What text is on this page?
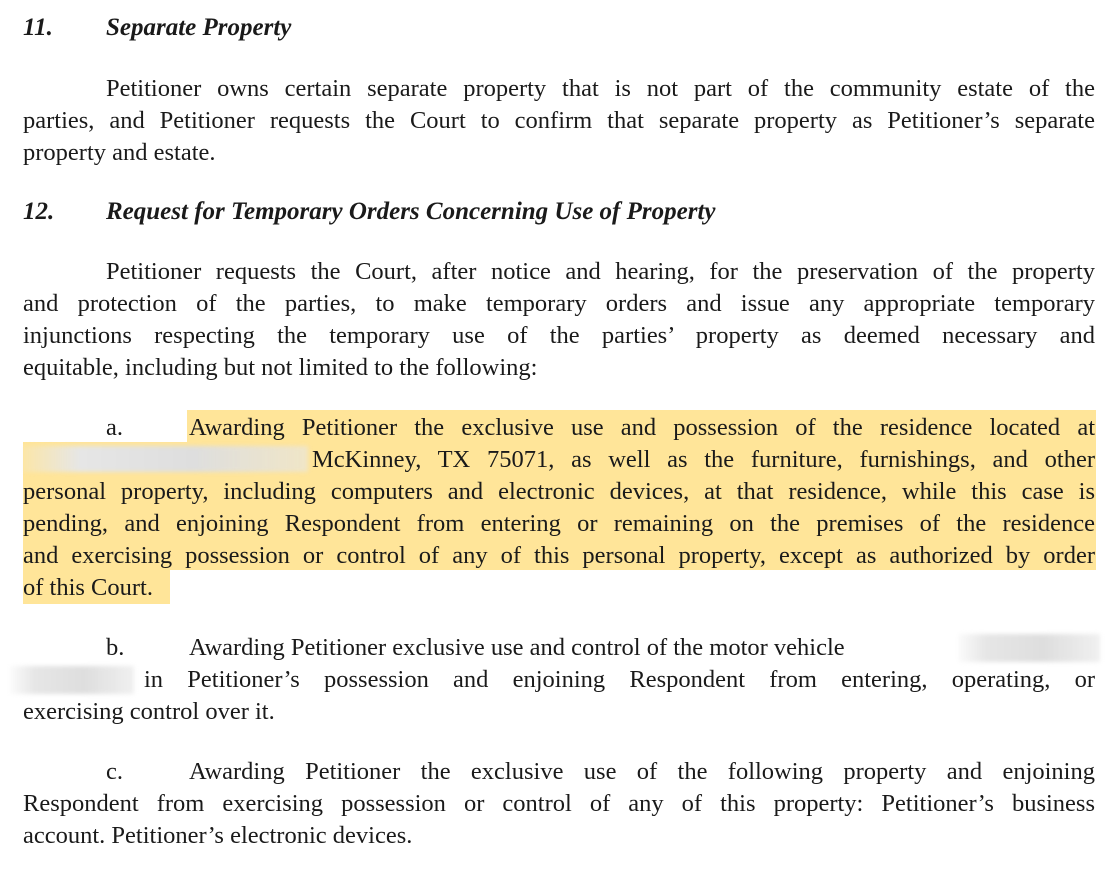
11. Separate Property
Petitioner owns certain separate property that is not part of the community estate of the
parties, and Petitioner requests the Court to confirm that separate property as Petitioner’s separate
property and estate.
12. Request for Temporary Orders Concerning Use of Property
Petitioner requests the Court, after notice and hearing, for the preservation of the property
and protection of the parties, to make temporary orders and issue any appropriate temporary
injunctions respecting the temporary use of the parties’ property as deemed necessary and
equitable, including but not limited to the following:
a.	Awarding Petitioner the exclusive use and possession of the residence located at
McKinney, TX 75071, as well as the furniture, furnishings, and other
personal property, including computers and electronic devices, at that residence, while this case is
pending, and enjoining Respondent from entering or remaining on the premises of the residence
and exercising possession or control of any of this personal property, except as authorized by order
of this Court.
b.	Awarding Petitioner exclusive use and control of the motor vehicle
in Petitioner’s possession and enjoining Respondent from entering, operating, or
exercising control over it.
c.	Awarding Petitioner the exclusive use of the following property and enjoining
Respondent from exercising possession or control of any of this property: Petitioner’s business
account. Petitioner’s electronic devices.
